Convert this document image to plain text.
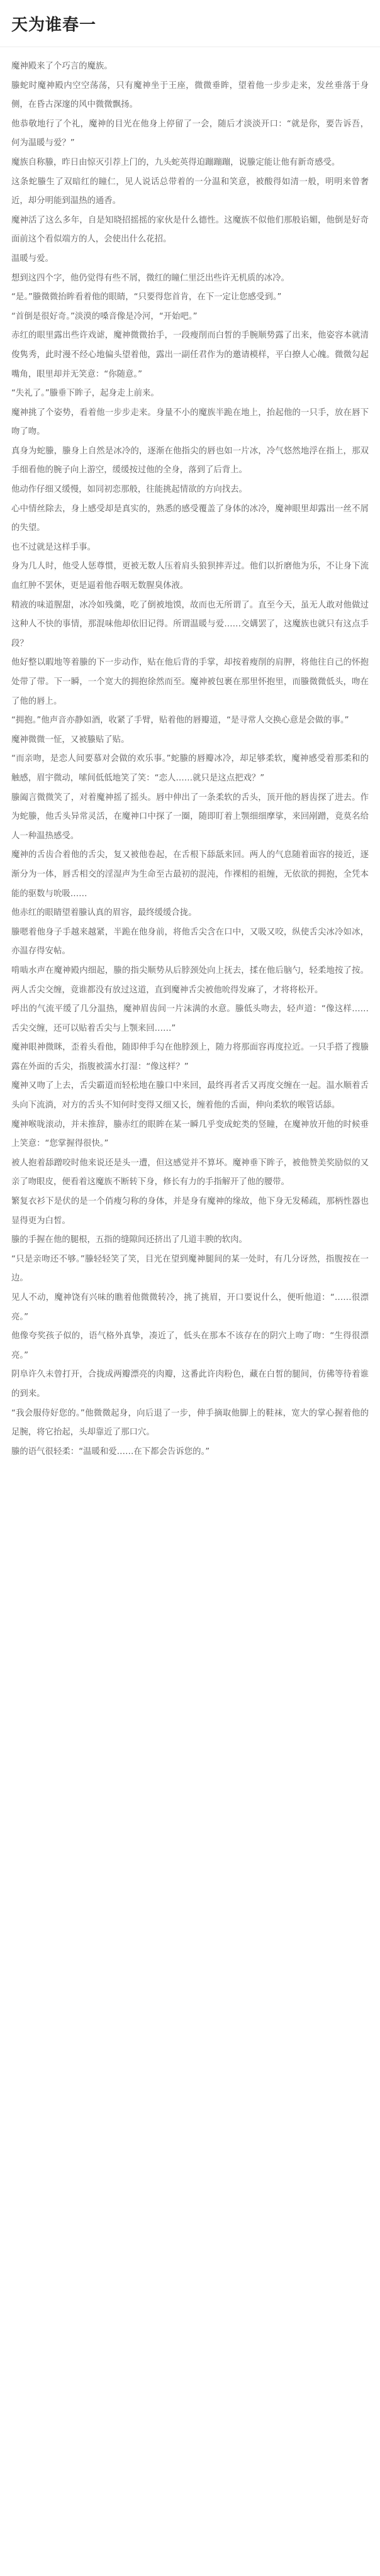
天为谁春一

魔神殿来了个巧言的魔族。

螣蛇时魔神殿内空空荡荡，只有魔神坐于王座，微微垂眸，望着他一步步走来，发丝垂落于身侧，在昏古深邃的风中微微飘扬。

他恭敬地行了个礼，魔神的目光在他身上停留了一会，随后才淡淡开口：“就是你，要告诉吾，何为温暖与爱？”

魔族自称螣，昨日由惊灭引荐上门的，九头蛇英得迫蹦蹦蹦，说螣定能让他有新奇感受。

这条蛇螣生了双暗红的瞳仁，见人说话总带着的一分温和笑意，被酸得如清一般，明明来曾奢近，却分明能到温热的通香。

魔神活了这么多年，自是知晓招摇摇的家伙是什么德性。这魔族不似他们那般谄媚，他倒是好奇面前这个看似端方的人，会使出什么花招。

温暖与爱。

想到这四个字，他仍觉得有些不屑，微红的瞳仁里泛出些许无机质的冰冷。

“是。”螣微微抬眸看着他的眼睛，“只要得您首肯，在下一定让您感受到。”

“首倒是很好奇。”淡漠的嗓音像是冷河，“开始吧。”

赤红的眼里露出些许戏谑，魔神微微抬手，一段瘦削而白皙的手腕顺势露了出来，他姿容本就清俊隽秀，此时漫不经心地偏头望着他，露出一副任君作为的邀请模样，平白撩人心魄。微微勾起嘴角，眼里却并无笑意：“你随意。”

“失礼了。”螣垂下眸子，起身走上前来。

魔神挑了个姿势，看着他一步步走来。身量不小的魔族半跪在地上，抬起他的一只手，放在唇下吻了吻。

真身为蛇螣，螣身上自然是冰冷的，逐渐在他指尖的唇也如一片冰，冷气悠然地浮在指上，那双手细看他的腕子向上游空，缓缓按过他的全身，落到了后背上。

他动作仔细又缓慢，如同初恋那般，往能挑起情欲的方向找去。

心中情丝除去，身上感受却是真实的，熟悉的感受覆盖了身体的冰冷，魔神眼里却露出一丝不屑的失望。

也不过就是这样手事。

身为几人时，他受人惩尊惯，更被无数人压着肩头狼狈摔弄过。他们以折磨他为乐，不让身下流血红肿不罢休，更是逼着他吞咽无数腥臭体液。

精液的味道腥甜，冰冷如残羹，吃了倒被地馍，故而也无所谓了。直至今天，虽无人敢对他做过这种人不快的事情，那混味他却依旧记得。所谓温暖与爱……交媾罢了，这魔族也就只有这点手段？

他好整以暇地等着螣的下一步动作，贴在他后背的手掌，却按着瘦削的肩胛，将他往自己的怀抱处带了带。下一瞬，一个宽大的拥抱徐然而至。魔神被包裹在那里怀抱里，而螣微微低头，吻在了他的唇上。

“拥抱。”他声音亦静如酒，收紧了手臂，贴着他的唇瓣道，“是寻常人交换心意是会做的事。”

魔神微微一怔，又被螣贴了贴。

“而亲吻，是恋人间要慕对会做的欢乐事。”蛇螣的唇瓣冰冷，却足够柔软，魔神感受着那柔和的触感，眉宇微动，嗦间低低地笑了笑：“恋人……就只是这点把戏？”

螣阖言微微笑了，对着魔神摇了摇头。唇中伸出了一条柔软的舌头，顶开他的唇齿探了进去。作为蛇螣，他舌头异常灵活，在魔神口中探了一圈，随即盯着上颚细细摩挲，来回剐蹭，竟莫名给人一种温热感受。

魔神的舌齿合着他的舌尖，复又被他卷起，在舌根下舔舐来回。两人的气息随着面容的接近，逐渐分为一体，唇舌相交的淫湿声为生命至古最初的混沌，作裸相的祖缠，无依欲的拥抱，全凭本能的驱数与吮吸……

他赤红的眼睛望着螣认真的眉容，最终缓缓合拢。

螣嗯着他身子手越来越紧，半跪在他身前，将他舌尖含在口中，又吸又咬，纵使舌尖冰冷如冰，亦温存得安帖。

啃啮水声在魔神殿内细起，螣的指尖顺势从后脖颈处向上抚去，揉在他后脑勺，轻柔地按了按。两人舌尖交缠，竟谁都没有放过这道，直到魔神舌尖被他吮得发麻了，才将将松开。

呼出的气流平缓了几分温热，魔神眉齿间一片沫满的水意。螣低头吻去，轻声道：“像这样……舌尖交缠，还可以贴着舌尖与上颚来回……”

魔神眼神微眯，歪着头看他，随即伸手勾在他脖颈上，随力将那面容再度拉近。一只手搭了搜螣露在外面的舌尖，指腹被濡水打湿：“像这样？”

魔神又吻了上去，舌尖霸道而轻松地在螣口中来回，最终再者舌又再度交缠在一起。温水顺着舌头向下流淌，对方的舌头不知何时变得又细又长，缠着他的舌面，伸向柔软的喉管话舔。

魔神喉咙滚动，并未推辞，螣赤红的眼眸在某一瞬几乎变成蛇类的竖瞳，在魔神放开他的时候垂上笑意：“您掌握得很快。”

被人抱着舔蹭咬时他来说还是头一遭，但这感觉并不算坏。魔神垂下眸子，被他赞美奖励似的又亲了吻眼皮，便看着这魔族不断转下身，修长有力的手指解开了他的腰带。

繁复衣衫下是伏的是一个俏瘦匀称的身体，并是身有魔神的缘故，他下身无发稀疏，那柄性器也显得更为白皙。

螣的手握在他的腿根，五指的缝隙间还挤出了几道丰腴的软肉。

“只是亲吻还不够。”螣轻轻笑了笑，目光在望到魔神腿间的某一处时，有几分讶然，指腹按在一边。

见人不动，魔神饶有兴味的瞧着他微微转冷，挑了挑眉，开口要说什么，便听他道：“……很漂亮。”

他像夸奖孩子似的，语气格外真挚，凑近了，低头在那本不该存在的阴穴上吻了吻：“生得很漂亮。”

阴阜许久未曾打开，合拢成两瓣漂亮的肉瓣，这番此许肉粉色，藏在白皙的腿间，仿佛等待着谁的到来。

“我会服侍好您的。”他微微起身，向后退了一步，伸手摘取他脚上的鞋袜，宽大的掌心握着他的足腕，将它抬起，头却靠近了那口穴。

螣的语气很轻柔：“温暖和爱……在下都会告诉您的。”
